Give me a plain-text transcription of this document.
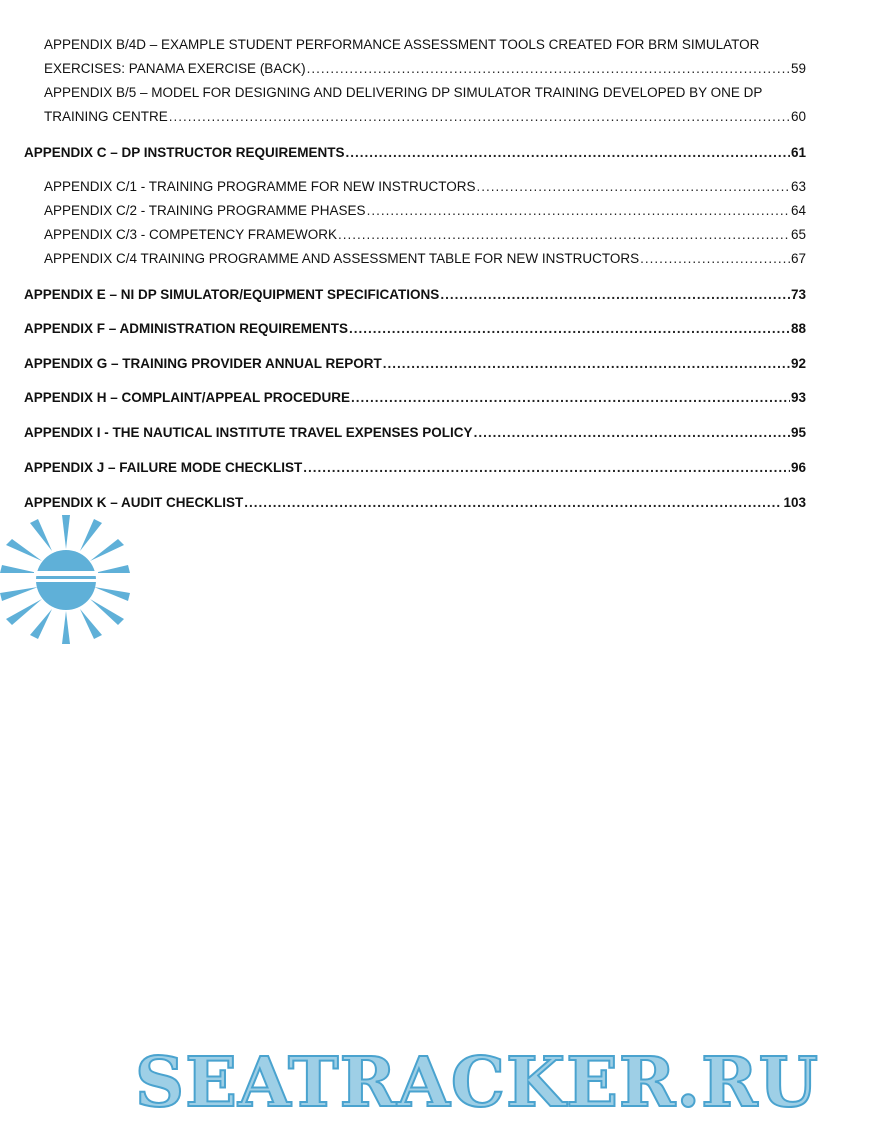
APPENDIX B/4D – EXAMPLE STUDENT PERFORMANCE ASSESSMENT TOOLS CREATED FOR BRM SIMULATOR
EXERCISES: PANAMA EXERCISE (BACK) .....	59
APPENDIX B/5 – MODEL FOR DESIGNING AND DELIVERING DP SIMULATOR TRAINING DEVELOPED BY ONE DP
TRAINING CENTRE .....	60
APPENDIX C – DP INSTRUCTOR REQUIREMENTS .....	61
APPENDIX C/1 - TRAINING PROGRAMME FOR NEW INSTRUCTORS .....	63
APPENDIX C/2 - TRAINING PROGRAMME PHASES .....	64
APPENDIX C/3 - COMPETENCY FRAMEWORK .....	65
APPENDIX C/4 TRAINING PROGRAMME AND ASSESSMENT TABLE FOR NEW INSTRUCTORS .....	67
APPENDIX E – NI DP SIMULATOR/EQUIPMENT SPECIFICATIONS .....	73
APPENDIX F – ADMINISTRATION REQUIREMENTS .....	88
APPENDIX G – TRAINING PROVIDER ANNUAL REPORT .....	92
APPENDIX H – COMPLAINT/APPEAL PROCEDURE .....	93
APPENDIX I - THE NAUTICAL INSTITUTE TRAVEL EXPENSES POLICY .....	95
APPENDIX J – FAILURE MODE CHECKLIST .....	96
APPENDIX K – AUDIT CHECKLIST .....	103
SEATRACKER.RU
